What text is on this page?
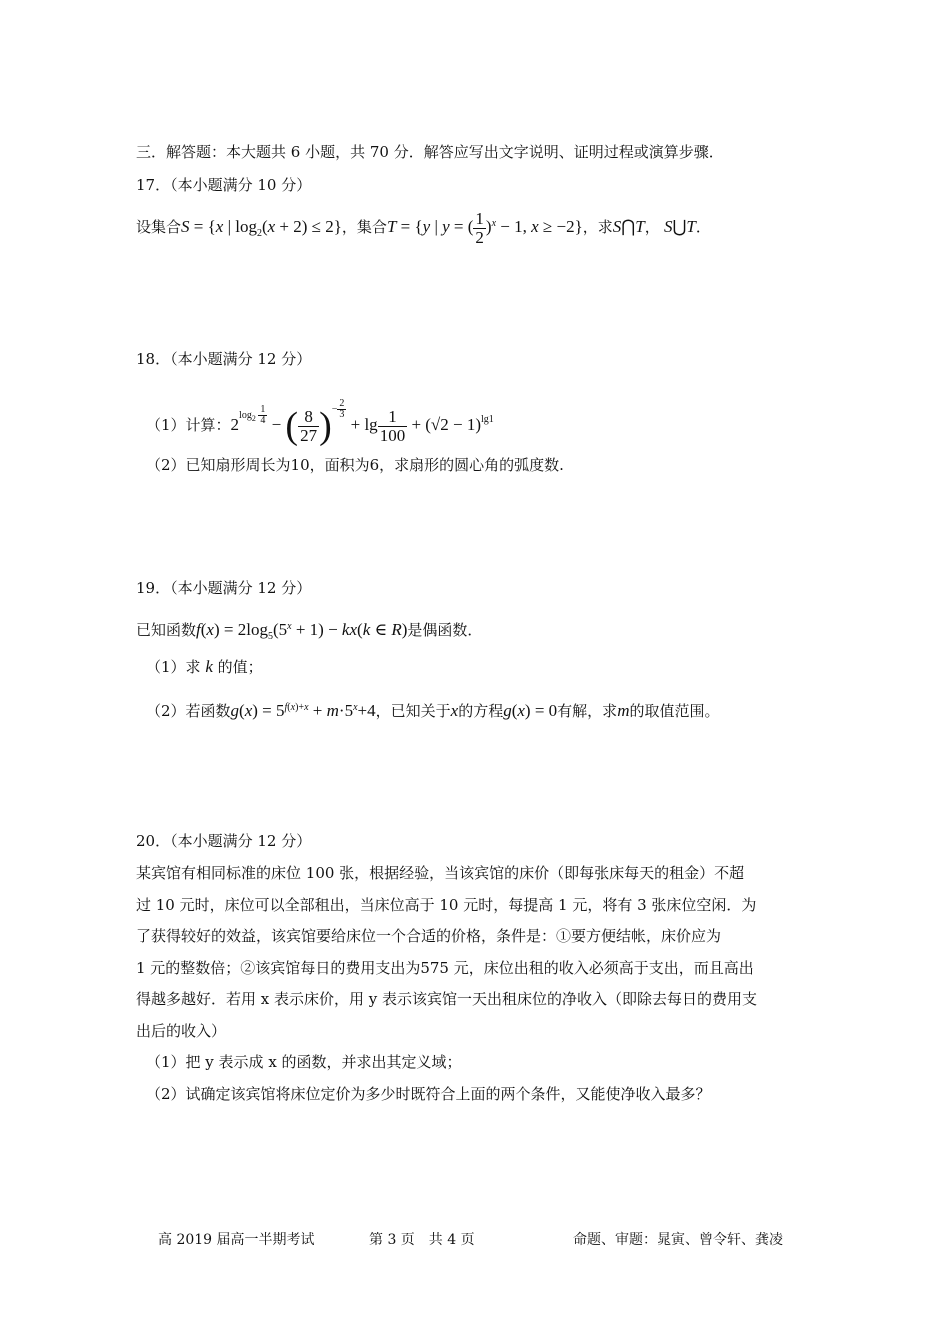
三．解答题：本大题共 6 小题，共 70 分．解答应写出文字说明、证明过程或演算步骤．
17．（本小题满分 10 分）
设集合S = {x | $\log_2(x + 2) \le 2$}，集合T = {y | y = ( $\frac{1}{2} )^x - 1$, x ≥ −2}，求S⋂T， S⋃T．
18．（本小题满分 12 分）
（1）计算：$2^{log_2 \frac{1}{4}}$ − ( $\frac{8}{27} )^{- \frac{2}{3}}$
+ $\lg \frac{1}{100} + (√2 - 1)^{lg1}$
（2）已知扇形周长为10，面积为6，求扇形的圆心角的弧度数.
19．（本小题满分 12 分）
已知函数$f(x) = 2\log_5(5^x + 1) - kx(k$ ∈ R)是偶函数．
（1）求 k 的值；
（2）若函数$g(x) = 5^{f(x)+x} + m\cdot 5^x+4$，已知关于x的方程g(x) = 0有解，求m的取值范围。
20．（本小题满分 12 分）
某宾馆有相同标准的床位 100 张，根据经验，当该宾馆的床价（即每张床每天的租金）不超
过 10 元时，床位可以全部租出，当床位高于 10 元时，每提高 1 元，将有 3 张床位空闲．为
了获得较好的效益，该宾馆要给床位一个合适的价格，条件是：①要方便结帐，床价应为
1 元的整数倍；②该宾馆每日的费用支出为575 元，床位出租的收入必须高于支出，而且高出
得越多越好．若用 x 表示床价，用 y 表示该宾馆一天出租床位的净收入（即除去每日的费用支
出后的收入）
（1）把 y 表示成 x 的函数，并求出其定义域；
（2）试确定该宾馆将床位定价为多少时既符合上面的两个条件，又能使净收入最多？
高 2019 届高一半期考试	第 3 页　共 4 页	命题、审题：晁寅、曾令轩、龚凌
